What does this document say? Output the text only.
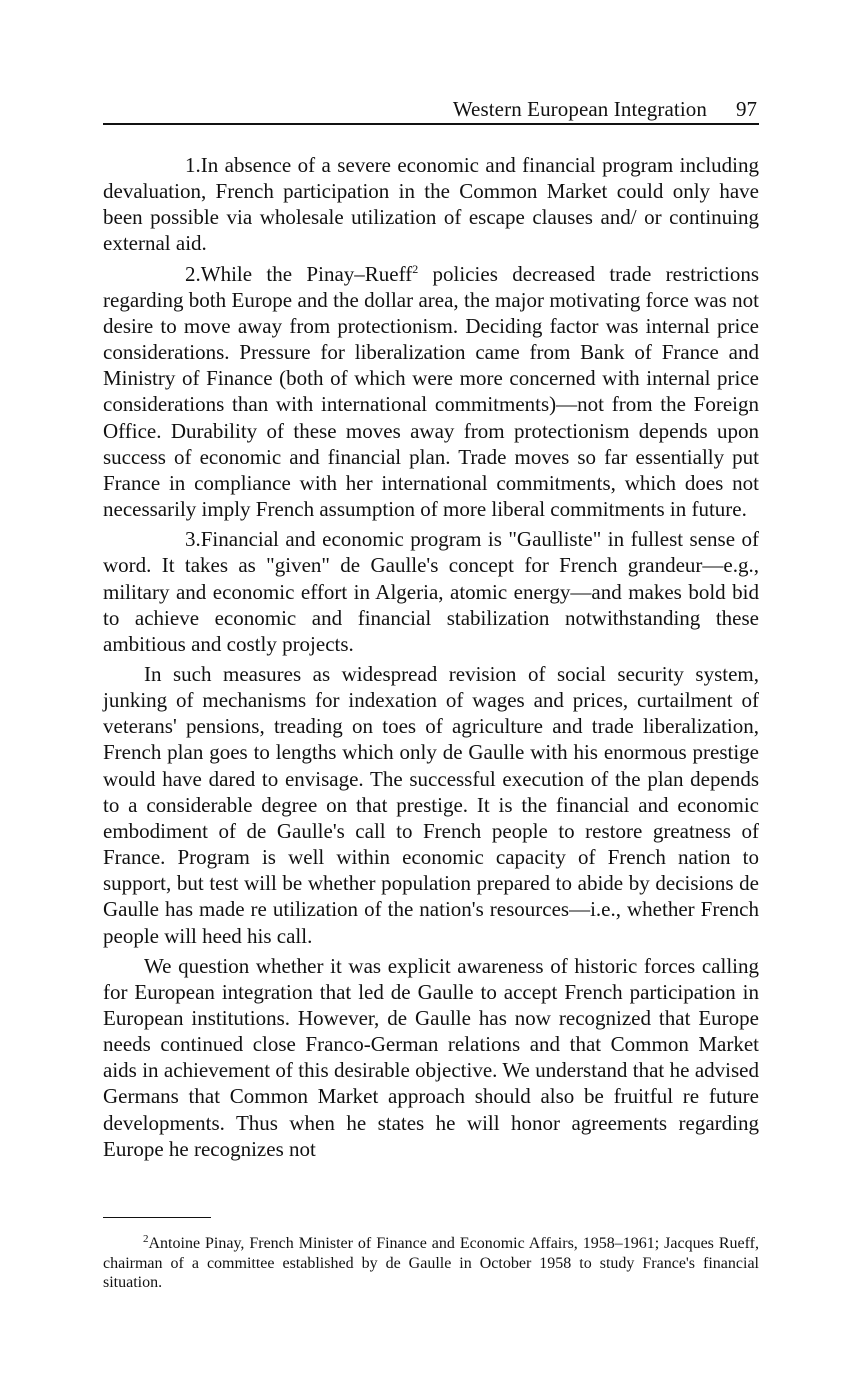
Western European Integration 97

1.In absence of a severe economic and financial program including devaluation, French participation in the Common Market could only have been possible via wholesale utilization of escape clauses and/ or continuing external aid.

2.While the Pinay–Rueff$^2$ policies decreased trade restrictions regarding both Europe and the dollar area, the major motivating force was not desire to move away from protectionism. Deciding factor was internal price considerations. Pressure for liberalization came from Bank of France and Ministry of Finance (both of which were more concerned with internal price considerations than with international commitments)—not from the Foreign Office. Durability of these moves away from protectionism depends upon success of economic and financial plan. Trade moves so far essentially put France in compliance with her international commitments, which does not necessarily imply French assumption of more liberal commitments in future.

3.Financial and economic program is "Gaulliste" in fullest sense of word. It takes as "given" de Gaulle's concept for French grandeur—e.g., military and economic effort in Algeria, atomic energy—and makes bold bid to achieve economic and financial stabilization notwithstanding these ambitious and costly projects.

In such measures as widespread revision of social security system, junking of mechanisms for indexation of wages and prices, curtailment of veterans' pensions, treading on toes of agriculture and trade liberalization, French plan goes to lengths which only de Gaulle with his enormous prestige would have dared to envisage. The successful execution of the plan depends to a considerable degree on that prestige. It is the financial and economic embodiment of de Gaulle's call to French people to restore greatness of France. Program is well within economic capacity of French nation to support, but test will be whether population prepared to abide by decisions de Gaulle has made re utilization of the nation's resources—i.e., whether French people will heed his call.

We question whether it was explicit awareness of historic forces calling for European integration that led de Gaulle to accept French participation in European institutions. However, de Gaulle has now recognized that Europe needs continued close Franco-German relations and that Common Market aids in achievement of this desirable objective. We understand that he advised Germans that Common Market approach should also be fruitful re future developments. Thus when he states he will honor agreements regarding Europe he recognizes not

$^2$Antoine Pinay, French Minister of Finance and Economic Affairs, 1958–1961; Jacques Rueff, chairman of a committee established by de Gaulle in October 1958 to study France's financial situation.
